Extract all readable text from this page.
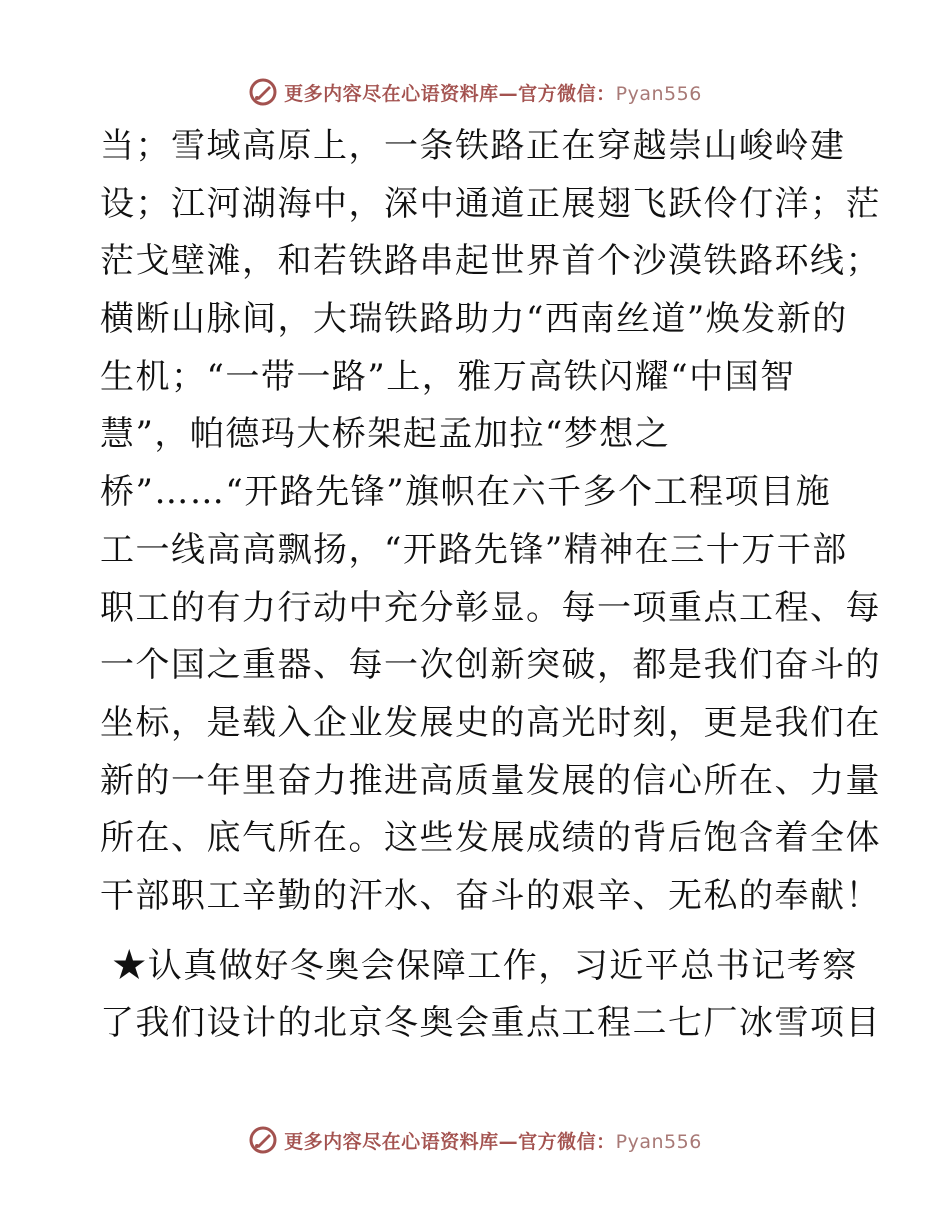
更多内容尽在心语资料库—官方微信：Pyan556
当；雪域高原上，一条铁路正在穿越崇山峻岭建
设；江河湖海中，深中通道正展翅飞跃伶仃洋；茫
茫戈壁滩，和若铁路串起世界首个沙漠铁路环线；
横断山脉间，大瑞铁路助力“西南丝道”焕发新的
生机；“一带一路”上，雅万高铁闪耀“中国智
慧”，帕德玛大桥架起孟加拉“梦想之
桥”……“开路先锋”旗帜在六千多个工程项目施
工一线高高飘扬，“开路先锋”精神在三十万干部
职工的有力行动中充分彰显。每一项重点工程、每
一个国之重器、每一次创新突破，都是我们奋斗的
坐标，是载入企业发展史的高光时刻，更是我们在
新的一年里奋力推进高质量发展的信心所在、力量
所在、底气所在。这些发展成绩的背后饱含着全体
干部职工辛勤的汗水、奋斗的艰辛、无私的奉献！
★认真做好冬奥会保障工作，习近平总书记考察
了我们设计的北京冬奥会重点工程二七厂冰雪项目
更多内容尽在心语资料库—官方微信：Pyan556
